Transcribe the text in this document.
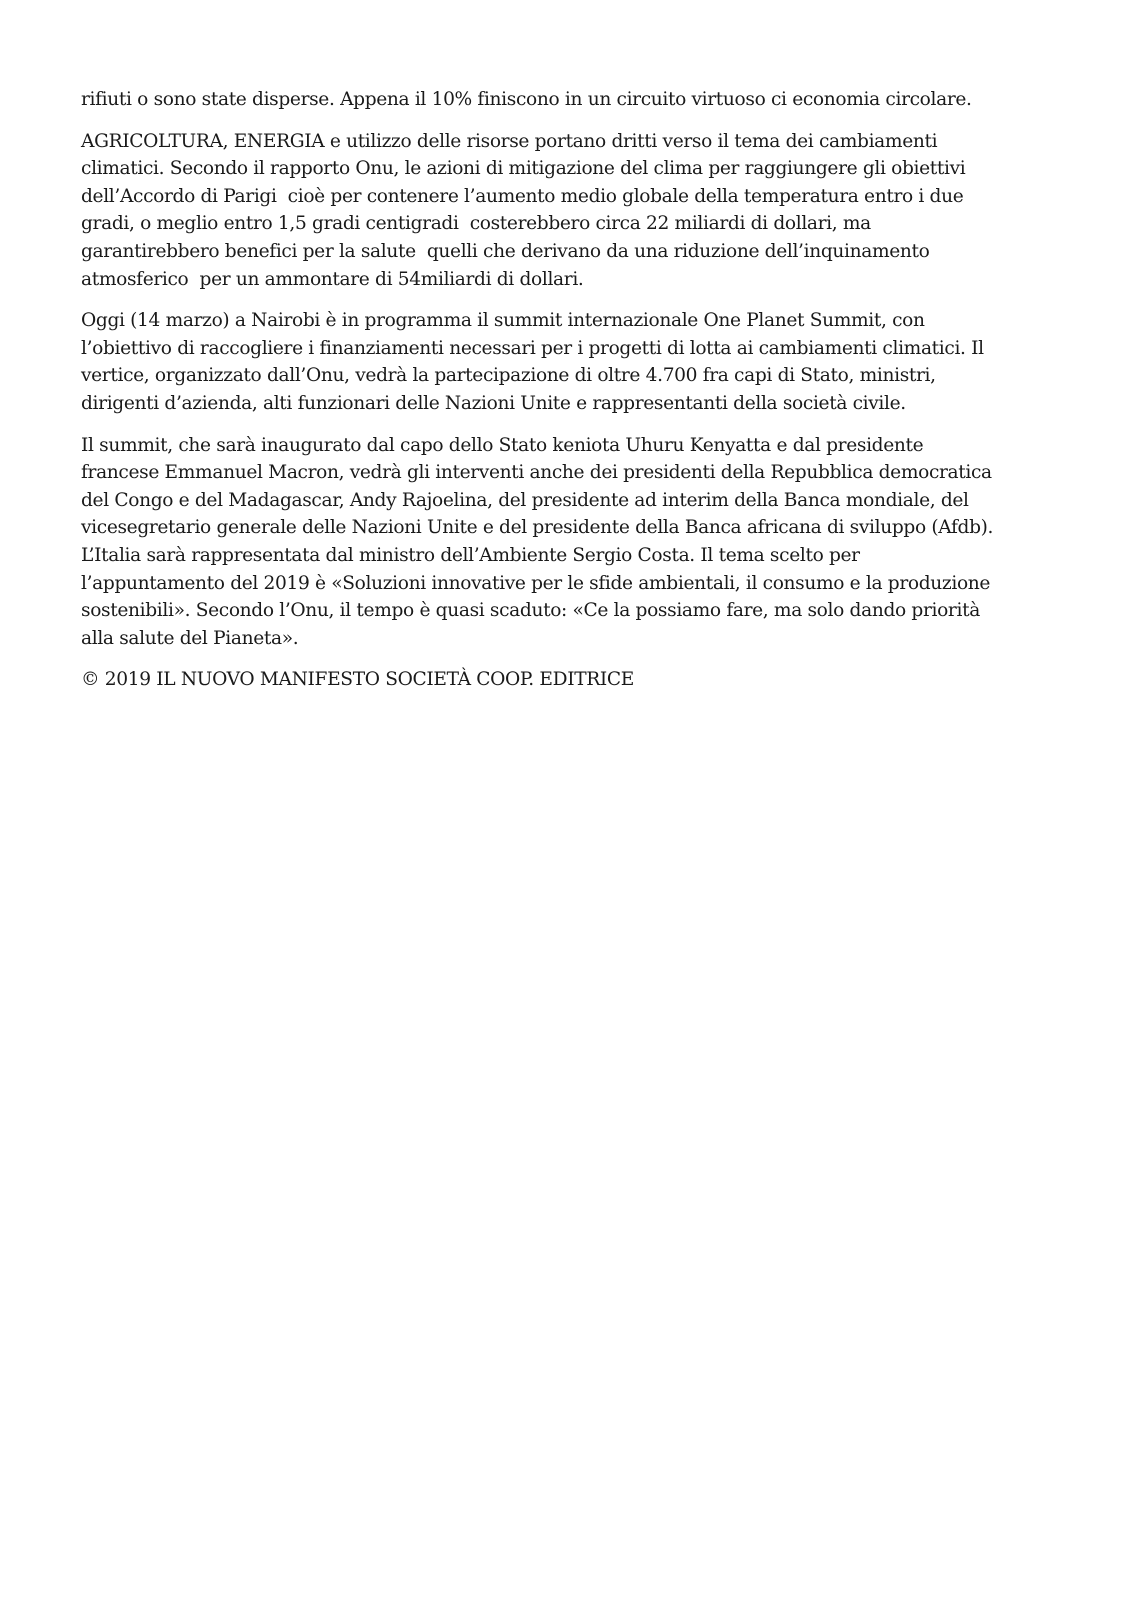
rifiuti o sono state disperse. Appena il 10% finiscono in un circuito virtuoso ci economia circolare.

AGRICOLTURA, ENERGIA e utilizzo delle risorse portano dritti verso il tema dei cambiamenti
climatici. Secondo il rapporto Onu, le azioni di mitigazione del clima per raggiungere gli obiettivi
dell’Accordo di Parigi  cioè per contenere l’aumento medio globale della temperatura entro i due
gradi, o meglio entro 1,5 gradi centigradi  costerebbero circa 22 miliardi di dollari, ma
garantirebbero benefici per la salute  quelli che derivano da una riduzione dell’inquinamento
atmosferico  per un ammontare di 54miliardi di dollari.

Oggi (14 marzo) a Nairobi è in programma il summit internazionale One Planet Summit, con
l’obiettivo di raccogliere i finanziamenti necessari per i progetti di lotta ai cambiamenti climatici. Il
vertice, organizzato dall’Onu, vedrà la partecipazione di oltre 4.700 fra capi di Stato, ministri,
dirigenti d’azienda, alti funzionari delle Nazioni Unite e rappresentanti della società civile.

Il summit, che sarà inaugurato dal capo dello Stato keniota Uhuru Kenyatta e dal presidente
francese Emmanuel Macron, vedrà gli interventi anche dei presidenti della Repubblica democratica
del Congo e del Madagascar, Andy Rajoelina, del presidente ad interim della Banca mondiale, del
vicesegretario generale delle Nazioni Unite e del presidente della Banca africana di sviluppo (Afdb).
L’Italia sarà rappresentata dal ministro dell’Ambiente Sergio Costa. Il tema scelto per
l’appuntamento del 2019 è «Soluzioni innovative per le sfide ambientali, il consumo e la produzione
sostenibili». Secondo l’Onu, il tempo è quasi scaduto: «Ce la possiamo fare, ma solo dando priorità
alla salute del Pianeta».

© 2019 IL NUOVO MANIFESTO SOCIETÀ COOP. EDITRICE
